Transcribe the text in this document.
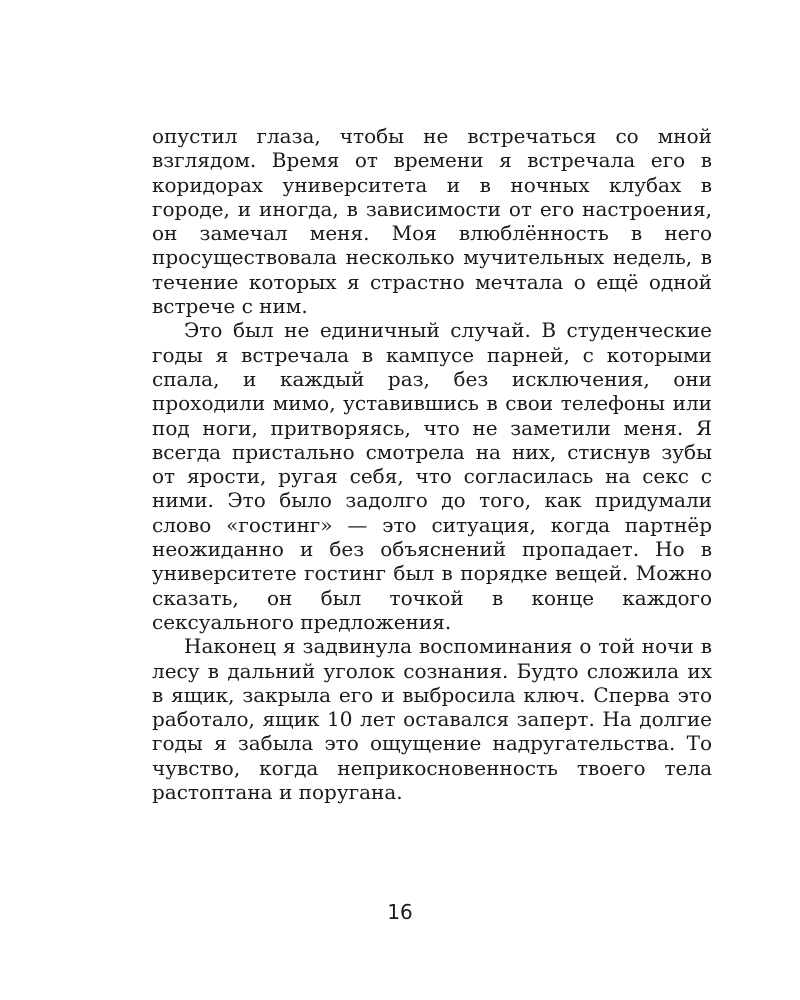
опустил глаза, чтобы не встречаться со мной взглядом. Время от времени я встречала его в коридорах университета и в ночных клубах в городе, и иногда, в зависимости от его настроения, он замечал меня. Моя влюблённость в него просуществовала несколько мучительных недель, в течение которых я страстно мечтала о ещё одной встрече с ним.

Это был не единичный случай. В студенческие годы я встречала в кампусе парней, с которыми спала, и каждый раз, без исключения, они проходили мимо, уставившись в свои телефоны или под ноги, притворяясь, что не заметили меня. Я всегда пристально смотрела на них, стиснув зубы от ярости, ругая себя, что согласилась на секс с ними. Это было задолго до того, как придумали слово «гостинг» — это ситуация, когда партнёр неожиданно и без объяснений пропадает. Но в университете гостинг был в порядке вещей. Можно сказать, он был точкой в конце каждого сексуального предложения.

Наконец я задвинула воспоминания о той ночи в лесу в дальний уголок сознания. Будто сложила их в ящик, закрыла его и выбросила ключ. Сперва это работало, ящик 10 лет оставался заперт. На долгие годы я забыла это ощущение надругательства. То чувство, когда неприкосновенность твоего тела растоптана и поругана.

16
